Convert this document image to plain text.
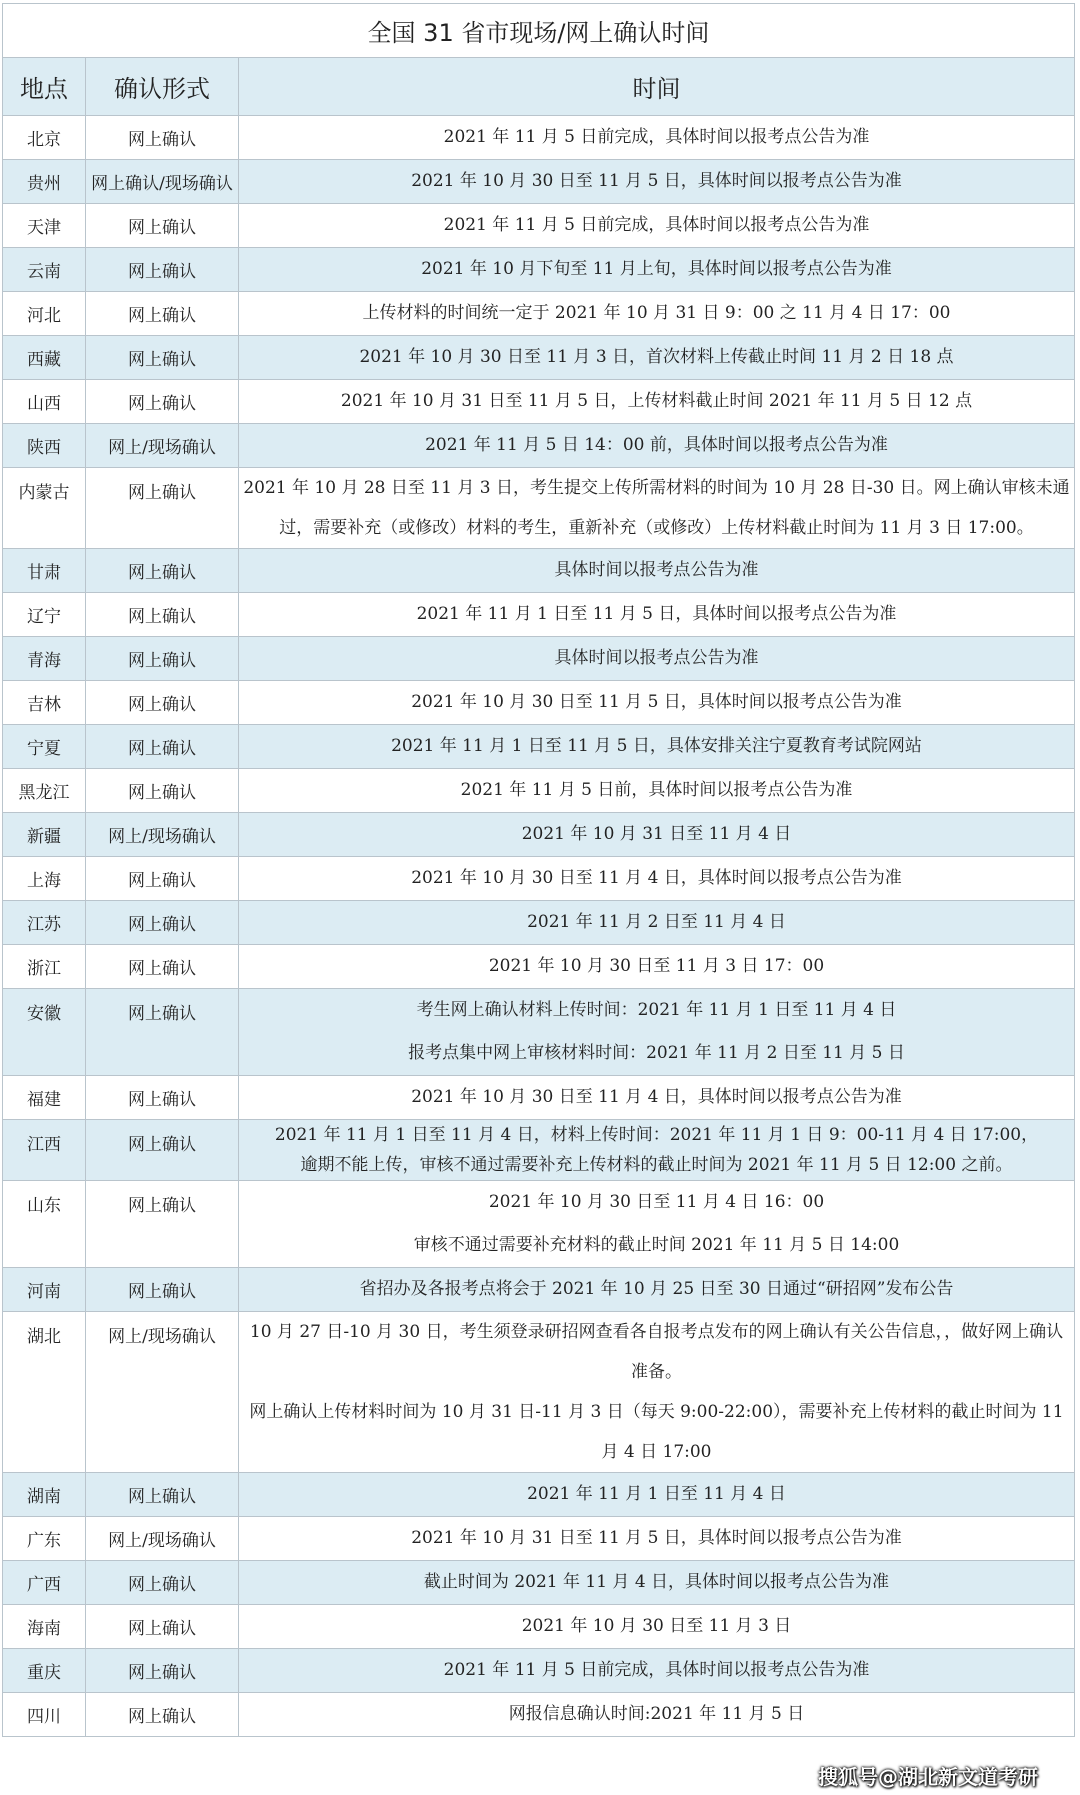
全国 31 省市现场/网上确认时间		
地点	确认形式	时间
北京	网上确认	2021 年 11 月 5 日前完成，具体时间以报考点公告为准

贵州	网上确认/现场确认	2021 年 10 月 30 日至 11 月 5 日，具体时间以报考点公告为准

天津	网上确认	2021 年 11 月 5 日前完成，具体时间以报考点公告为准

云南	网上确认	2021 年 10 月下旬至 11 月上旬，具体时间以报考点公告为准

河北	网上确认	上传材料的时间统一定于 2021 年 10 月 31 日 9：00 之 11 月 4 日 17：00

西藏	网上确认	2021 年 10 月 30 日至 11 月 3 日，首次材料上传截止时间 11 月 2 日 18 点

山西	网上确认	2021 年 10 月 31 日至 11 月 5 日，上传材料截止时间 2021 年 11 月 5 日 12 点

陕西	网上/现场确认	2021 年 11 月 5 日 14：00 前，具体时间以报考点公告为准

内蒙古	网上确认	2021 年 10 月 28 日至 11 月 3 日，考生提交上传所需材料的时间为 10 月 28 日-30 日。网上确认审核未通过，需要补充（或修改）材料的考生，重新补充（或修改）上传材料截止时间为 11 月 3 日 17:00。

甘肃	网上确认	具体时间以报考点公告为准

辽宁	网上确认	2021 年 11 月 1 日至 11 月 5 日，具体时间以报考点公告为准

青海	网上确认	具体时间以报考点公告为准

吉林	网上确认	2021 年 10 月 30 日至 11 月 5 日，具体时间以报考点公告为准

宁夏	网上确认	2021 年 11 月 1 日至 11 月 5 日，具体安排关注宁夏教育考试院网站

黑龙江	网上确认	2021 年 11 月 5 日前，具体时间以报考点公告为准

新疆	网上/现场确认	2021 年 10 月 31 日至 11 月 4 日

上海	网上确认	2021 年 10 月 30 日至 11 月 4 日，具体时间以报考点公告为准

江苏	网上确认	2021 年 11 月 2 日至 11 月 4 日

浙江	网上确认	2021 年 10 月 30 日至 11 月 3 日 17：00

安徽	网上确认	考生网上确认材料上传时间：2021 年 11 月 1 日至 11 月 4 日
报考点集中网上审核材料时间：2021 年 11 月 2 日至 11 月 5 日

福建	网上确认	2021 年 10 月 30 日至 11 月 4 日，具体时间以报考点公告为准

江西	网上确认	2021 年 11 月 1 日至 11 月 4 日，材料上传时间：2021 年 11 月 1 日 9：00-11 月 4 日 17:00，
逾期不能上传，审核不通过需要补充上传材料的截止时间为 2021 年 11 月 5 日 12:00 之前。

山东	网上确认	2021 年 10 月 30 日至 11 月 4 日 16：00
审核不通过需要补充材料的截止时间 2021 年 11 月 5 日 14:00

河南	网上确认	省招办及各报考点将会于 2021 年 10 月 25 日至 30 日通过“研招网”发布公告

湖北	网上/现场确认	10 月 27 日-10 月 30 日，考生须登录研招网查看各自报考点发布的网上确认有关公告信息，，做好网上确认准备。
网上确认上传材料时间为 10 月 31 日-11 月 3 日（每天 9:00-22:00），需要补充上传材料的截止时间为 11 月 4 日 17:00

湖南	网上确认	2021 年 11 月 1 日至 11 月 4 日

广东	网上/现场确认	2021 年 10 月 31 日至 11 月 5 日，具体时间以报考点公告为准

广西	网上确认	截止时间为 2021 年 11 月 4 日，具体时间以报考点公告为准

海南	网上确认	2021 年 10 月 30 日至 11 月 3 日

重庆	网上确认	2021 年 11 月 5 日前完成，具体时间以报考点公告为准

四川	网上确认	网报信息确认时间:2021 年 11 月 5 日
搜狐号@湖北新文道考研
